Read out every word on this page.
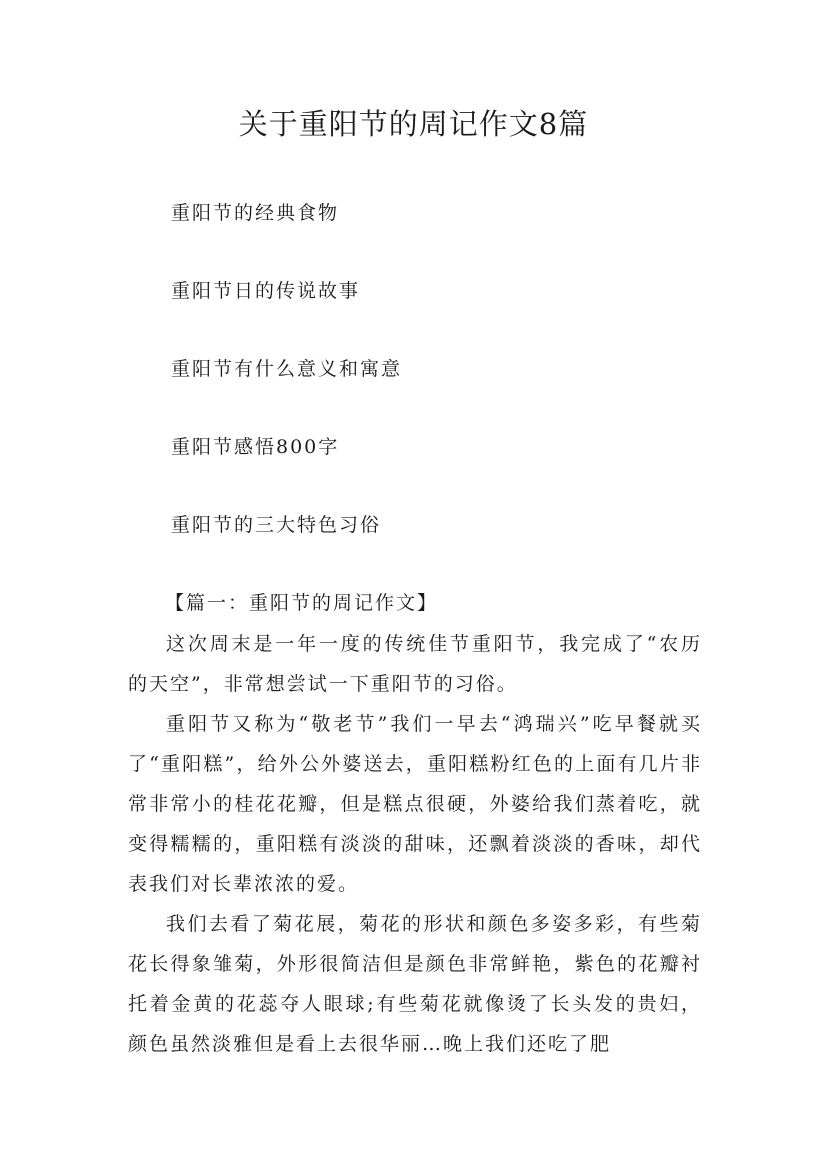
关于重阳节的周记作文8篇
重阳节的经典食物
重阳节日的传说故事
重阳节有什么意义和寓意
重阳节感悟800字
重阳节的三大特色习俗
【篇一：重阳节的周记作文】

这次周末是一年一度的传统佳节重阳节，我完成了“农历的天空”，非常想尝试一下重阳节的习俗。

重阳节又称为“敬老节”我们一早去“鸿瑞兴”吃早餐就买了“重阳糕”，给外公外婆送去，重阳糕粉红色的上面有几片非常非常小的桂花花瓣，但是糕点很硬，外婆给我们蒸着吃，就变得糯糯的，重阳糕有淡淡的甜味，还飘着淡淡的香味，却代表我们对长辈浓浓的爱。

我们去看了菊花展，菊花的形状和颜色多姿多彩，有些菊花长得象雏菊，外形很简洁但是颜色非常鲜艳，紫色的花瓣衬托着金黄的花蕊夺人眼球;有些菊花就像烫了长头发的贵妇，颜色虽然淡雅但是看上去很华丽…晚上我们还吃了肥
